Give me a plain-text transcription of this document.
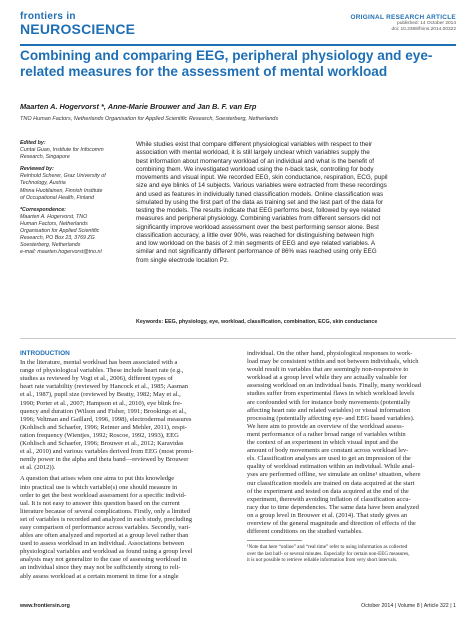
frontiers in
NEUROSCIENCE
ORIGINAL RESEARCH ARTICLE
published: 14 October 2014
doi: 10.3389/fnins.2014.00322
Combining and comparing EEG, peripheral physiology and eye-related measures for the assessment of mental workload
Maarten A. Hogervorst *, Anne-Marie Brouwer and Jan B. F. van Erp
TNO Human Factors, Netherlands Organisation for Applied Scientific Research, Soesterberg, Netherlands
Edited by:
Cuntai Guan, Institute for Infocomm
Research, Singapore
Reviewed by:
Reinhold Scherer, Graz University of
Technology, Austria
Minna Huotilainen, Finnish Institute
of Occupational Health, Finland
*Correspondence:
Maarten A. Hogervorst, TNO
Human Factors, Netherlands
Organisation for Applied Scientific
Research, PO Box 23, 3769 ZG
Soesterberg, Netherlands
e-mail: maarten.hogervorst@tno.nl
While studies exist that compare different physiological variables with respect to their
association with mental workload, it is still largely unclear which variables supply the
best information about momentary workload of an individual and what is the benefit of
combining them. We investigated workload using the n-back task, controlling for body
movements and visual input. We recorded EEG, skin conductance, respiration, ECG, pupil
size and eye blinks of 14 subjects. Various variables were extracted from these recordings
and used as features in individually tuned classification models. Online classification was
simulated by using the first part of the data as training set and the last part of the data for
testing the models. The results indicate that EEG performs best, followed by eye related
measures and peripheral physiology. Combining variables from different sensors did not
significantly improve workload assessment over the best performing sensor alone. Best
classification accuracy, a little over 90%, was reached for distinguishing between high
and low workload on the basis of 2 min segments of EEG and eye related variables. A
similar and not significantly different performance of 86% was reached using only EEG
from single electrode location Pz.
Keywords: EEG, physiology, eye, workload, classification, combination, ECG, skin conductance
INTRODUCTION
In the literature, mental workload has been associated with a
range of physiological variables. These include heart rate (e.g.,
studies as reviewed by Vogt et al., 2006), different types of
heart rate variability (reviewed by Hancock et al., 1985; Aasman
et al., 1987), pupil size (reviewed by Beatty, 1982; May et al.,
1990; Porter et al., 2007; Hampson et al., 2010), eye blink fre-
quency and duration (Wilson and Fisher, 1991; Brookings et al.,
1996; Veltman and Gaillard, 1996, 1998), electrodermal measures
(Kohlisch and Schaefer, 1996; Reimer and Mehler, 2011), respi-
ration frequency (Wientjes, 1992; Roscoe, 1992, 1993), EEG
(Kohlisch and Schaefer, 1996; Brouwer et al., 2012; Karavidas
et al., 2010) and various variables derived from EEG (most promi-
nently power in the alpha and theta band—reviewed by Brouwer
et al. (2012)).
A question that arises when one aims to put this knowledge
into practical use is which variable(s) one should measure in
order to get the best workload assessment for a specific individ-
ual. It is not easy to answer this question based on the current
literature because of several complications. Firstly, only a limited
set of variables is recorded and analyzed in each study, precluding
easy comparison of performance across variables. Secondly, vari-
ables are often analyzed and reported at a group level rather than
used to assess workload in an individual. Associations between
physiological variables and workload as found using a group level
analysis may not generalize to the case of assessing workload in
an individual since they may not be sufficiently strong to reli-
ably assess workload at a certain moment in time for a single
individual. On the other hand, physiological responses to work-
load may be consistent within and not between individuals, which
would result in variables that are seemingly non-responsive to
workload at a group level while they are actually valuable for
assessing workload on an individual basis. Finally, many workload
studies suffer from experimental flaws in which workload levels
are confounded with for instance body movements (potentially
affecting heart rate and related variables) or visual information
processing (potentially affecting eye- and EEG based variables).
We here aim to provide an overview of the workload assess-
ment performance of a rather broad range of variables within
the context of an experiment in which visual input and the
amount of body movements are constant across workload lev-
els. Classification analyses are used to get an impression of the
quality of workload estimation within an individual. While anal-
yses are performed offline, we simulate an online¹ situation, where
our classification models are trained on data acquired at the start
of the experiment and tested on data acquired at the end of the
experiment, therewith avoiding inflation of classification accu-
racy due to time dependencies. The same data have been analyzed
on a group level in Brouwer et al. (2014). That study gives an
overview of the general magnitude and direction of effects of the
different conditions on the studied variables.
¹Note that here “online” and “real time” refer to using information as collected
over the last half- or several minutes. Especially for certain non-EEG measures,
it is not possible to retrieve reliable information from very short intervals.
www.frontiersin.org	October 2014 | Volume 8 | Article 322 | 1
